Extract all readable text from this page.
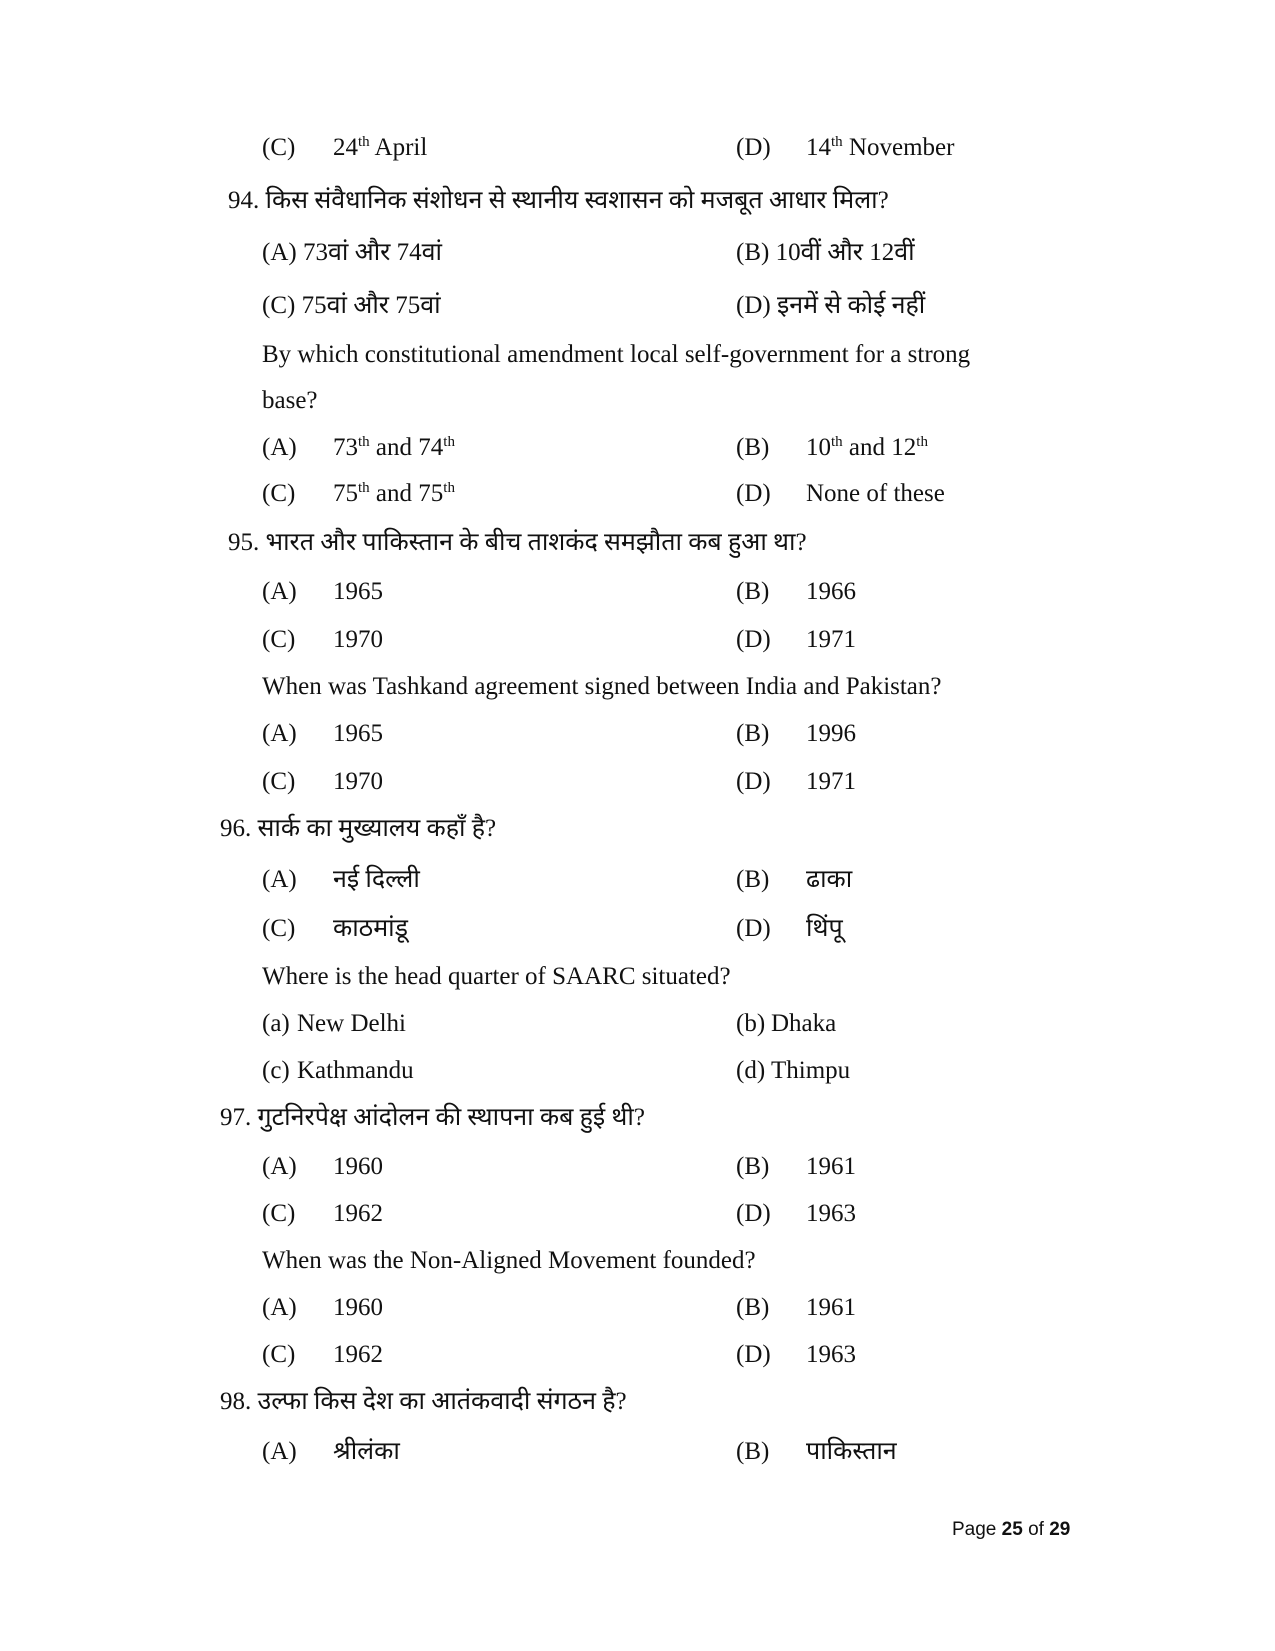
(C) 24th April	(D) 14th November
94. किस संवैधानिक संशोधन से स्थानीय स्वशासन को मजबूत आधार मिला?
(A) 73वां और 74वां	(B) 10वीं और 12वीं
(C) 75वां और 75वां	(D) इनमें से कोई नहीं
By which constitutional amendment local self-government for a strong
base?
(A) 73th and 74th	(B) 10th and 12th
(C) 75th and 75th	(D) None of these
95. भारत और पाकिस्तान के बीच ताशकंद समझौता कब हुआ था?
(A) 1965	(B) 1966
(C) 1970	(D) 1971
When was Tashkand agreement signed between India and Pakistan?
(A) 1965	(B) 1996
(C) 1970	(D) 1971
96. सार्क का मुख्यालय कहाँ है?
(A) नई दिल्ली	(B) ढाका
(C) काठमांडू	(D) थिंपू
Where is the head quarter of SAARC situated?
(a) New Delhi	(b) Dhaka
(c) Kathmandu	(d) Thimpu
97. गुटनिरपेक्ष आंदोलन की स्थापना कब हुई थी?
(A) 1960	(B) 1961
(C) 1962	(D) 1963
When was the Non-Aligned Movement founded?
(A) 1960	(B) 1961
(C) 1962	(D) 1963
98. उल्फा किस देश का आतंकवादी संगठन है?
(A) श्रीलंका	(B) पाकिस्तान
Page 25 of 29
